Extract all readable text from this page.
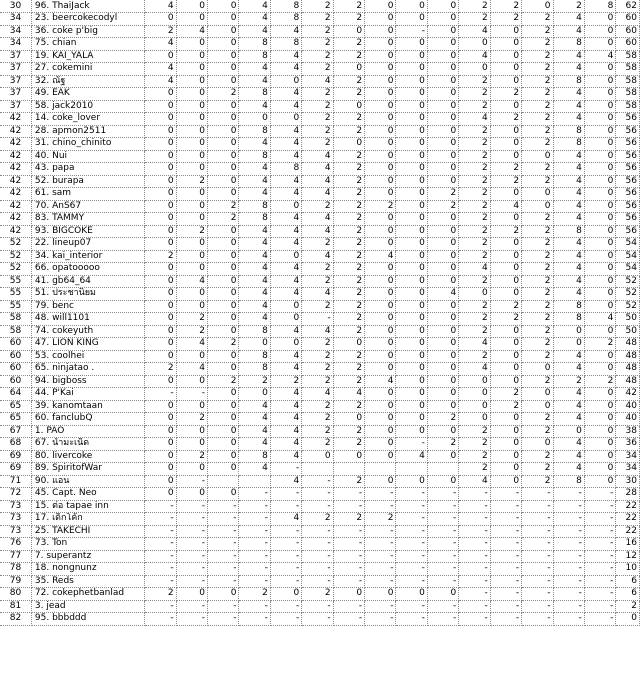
30	96. ThaiJack	4	0	0	4	8	2	2	0	0	0	2	2	0	2	8	62
34	23. beercokecodyl	0	0	0	4	8	2	2	0	0	0	2	2	2	4	0	60
34	36. coke p'big	2	4	0	4	4	2	0	0	-	0	4	0	2	4	0	60
34	75. chian	4	0	0	8	8	2	2	0	0	0	0	0	2	8	0	60
37	19. KAI_YALA	0	0	0	8	4	2	2	0	0	0	4	0	2	4	4	58
37	27. cokemini	4	0	0	4	4	2	0	0	0	0	0	0	2	4	0	58
37	32. ณัฐ	4	0	0	4	0	4	2	0	0	0	2	0	2	8	0	58
37	49. EAK	0	0	2	8	4	2	2	0	0	0	2	2	2	4	0	58
37	58. jack2010	0	0	0	4	4	2	0	0	0	0	2	0	2	4	0	58
42	14. coke_lover	0	0	0	0	0	2	2	0	0	0	4	2	2	4	0	56
42	28. apmon2511	0	0	0	8	4	2	2	0	0	0	2	0	2	8	0	56
42	31. chino_chinito	0	0	0	4	4	2	0	0	0	0	2	0	2	8	0	56
42	40. Nui	0	0	0	8	4	4	2	0	0	0	2	0	0	4	0	56
42	43. papa	0	0	0	4	8	4	2	0	0	0	2	2	2	4	0	56
42	52. burapa	0	2	0	4	4	4	2	0	0	0	2	2	2	4	0	56
42	61. sam	0	0	0	4	4	4	2	0	0	2	2	0	0	4	0	56
42	70. AnS67	0	0	2	8	0	2	2	2	0	2	2	4	0	4	0	56
42	83. TAMMY	0	0	2	8	4	4	2	0	0	0	2	0	2	4	0	56
42	93. BIGCOKE	0	2	0	4	4	4	2	0	0	0	2	2	2	8	0	56
52	22. lineup07	0	0	0	4	4	2	2	0	0	0	2	0	2	4	0	54
52	34. kai_interior	2	0	0	4	0	4	2	4	0	0	2	0	2	4	0	54
52	66. opatooooo	0	0	0	4	4	2	2	0	0	0	4	0	2	4	0	54
55	41. gb64_64	0	4	0	4	4	2	2	0	0	0	2	0	2	4	0	52
55	51. ประชานิยม	0	0	0	4	4	4	2	0	0	4	0	0	2	4	0	52
55	79. benc	0	0	0	4	0	2	2	0	0	0	2	2	2	8	0	52
58	48. will1101	0	2	0	4	0	-	2	0	0	0	2	2	2	8	4	50
58	74. cokeyuth	0	2	0	8	4	4	2	0	0	0	2	0	2	0	0	50
60	47. LION KING	0	4	2	0	0	2	0	0	0	0	4	0	2	0	2	48
60	53. coolhei	0	0	0	8	4	2	2	0	0	0	2	0	2	4	0	48
60	65. ninjatao .	2	4	0	8	4	2	2	0	0	0	4	0	0	4	0	48
60	94. bigboss	0	0	2	2	2	2	2	4	0	0	0	0	2	2	2	48
64	44. P'Kai	-	-	0	0	4	4	4	0	0	0	0	2	0	4	0	42
65	39. kanomtaan	0	0	0	4	4	2	2	0	0	0	0	2	0	4	0	40
65	60. fanclubQ	0	2	0	4	4	2	0	0	0	2	0	0	2	4	0	40
67	1. PAO	0	0	0	4	4	2	2	0	0	0	2	0	2	0	0	38
68	67. น้ำมะเน็ด	0	0	0	4	4	2	2	0	-	2	2	0	0	4	0	36
69	80. livercoke	0	2	0	8	4	0	0	0	4	0	2	0	2	4	0	34
69	89. SpiritofWar	0	0	0	4	-						2	0	2	4	0	34
71	90. แอน	0	-			4	-	2	0	0	0	4	0	2	8	0	30
72	45. Capt. Neo	0	0	0	-	-	-	-	-	-	-	-	-	-	-	-	28
73	15. ต่อ tapae inn	-	-	-	-	-	-	-	-	-	-	-	-	-	-	-	22
73	17. เด็กโค้ก	-	-	-	-	4	2	2	2	-	-	-	-	-	-	-	22
73	25. TAKECHI	-	-	-	-	-	-	-	-	-	-	-	-	-	-	-	22
76	73. Ton	-	-	-	-	-	-	-	-	-	-	-	-	-	-	-	16
77	7. superantz	-	-	-	-	-	-	-	-	-	-	-	-	-	-	-	12
78	18. nongnunz	-	-	-	-	-	-	-	-	-	-	-	-	-	-	-	10
79	35. Reds	-	-	-	-	-	-	-	-	-	-	-	-	-	-	-	6
80	72. cokephetbanlad	2	0	0	2	0	2	0	0	0	0	-	-	-	-	-	6
81	3. jead	-	-	-	-	-	-	-	-	-	-	-	-	-	-	-	2
82	95. bbbddd	-	-	-	-	-	-	-	-	-	-	-	-	-	-	-	0
